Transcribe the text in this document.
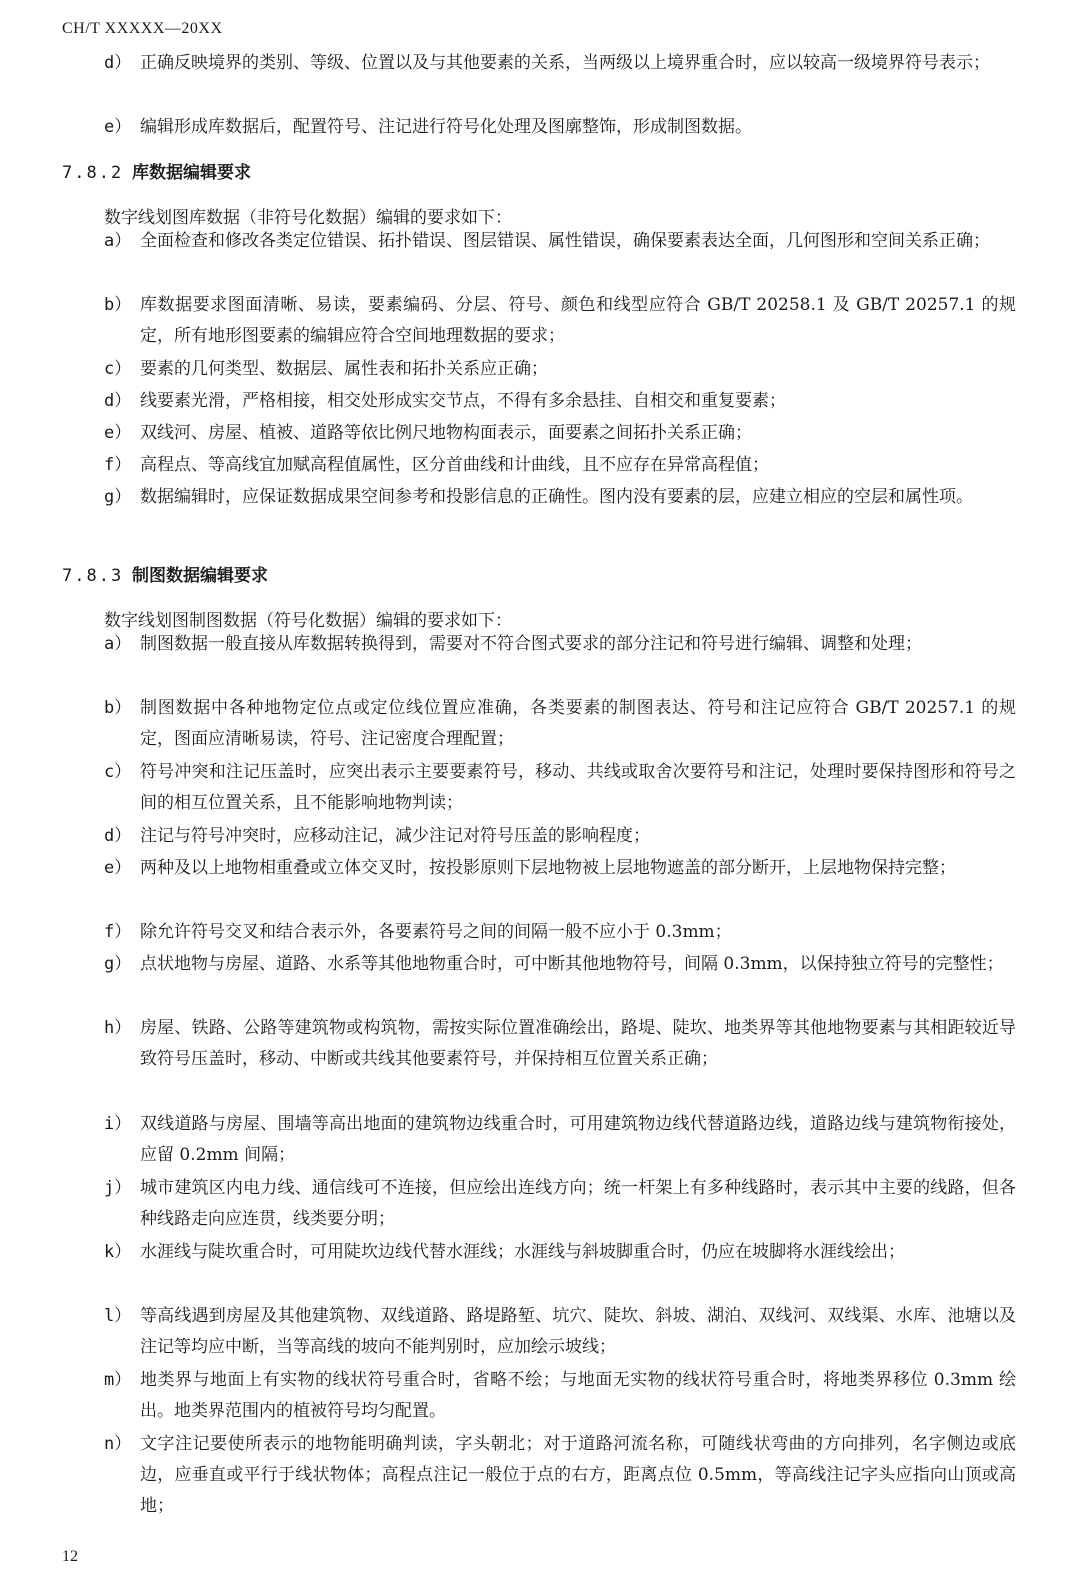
CH/T XXXXX—20XX
d） 正确反映境界的类别、等级、位置以及与其他要素的关系，当两级以上境界重合时，应以较高一级境界符号表示；
e） 编辑形成库数据后，配置符号、注记进行符号化处理及图廓整饰，形成制图数据。
7.8.2 库数据编辑要求
数字线划图库数据（非符号化数据）编辑的要求如下：
a） 全面检查和修改各类定位错误、拓扑错误、图层错误、属性错误，确保要素表达全面，几何图形和空间关系正确；
b） 库数据要求图面清晰、易读，要素编码、分层、符号、颜色和线型应符合 GB/T 20258.1 及 GB/T 20257.1 的规定，所有地形图要素的编辑应符合空间地理数据的要求；
c） 要素的几何类型、数据层、属性表和拓扑关系应正确；
d） 线要素光滑，严格相接，相交处形成实交节点，不得有多余悬挂、自相交和重复要素；
e） 双线河、房屋、植被、道路等依比例尺地物构面表示，面要素之间拓扑关系正确；
f） 高程点、等高线宜加赋高程值属性，区分首曲线和计曲线，且不应存在异常高程值；
g） 数据编辑时，应保证数据成果空间参考和投影信息的正确性。图内没有要素的层，应建立相应的空层和属性项。
7.8.3 制图数据编辑要求
数字线划图制图数据（符号化数据）编辑的要求如下：
a） 制图数据一般直接从库数据转换得到，需要对不符合图式要求的部分注记和符号进行编辑、调整和处理；
b） 制图数据中各种地物定位点或定位线位置应准确，各类要素的制图表达、符号和注记应符合 GB/T 20257.1 的规定，图面应清晰易读，符号、注记密度合理配置；
c） 符号冲突和注记压盖时，应突出表示主要要素符号，移动、共线或取舍次要符号和注记，处理时要保持图形和符号之间的相互位置关系，且不能影响地物判读；
d） 注记与符号冲突时，应移动注记，减少注记对符号压盖的影响程度；
e） 两种及以上地物相重叠或立体交叉时，按投影原则下层地物被上层地物遮盖的部分断开，上层地物保持完整；
f） 除允许符号交叉和结合表示外，各要素符号之间的间隔一般不应小于 0.3mm；
g） 点状地物与房屋、道路、水系等其他地物重合时，可中断其他地物符号，间隔 0.3mm，以保持独立符号的完整性；
h） 房屋、铁路、公路等建筑物或构筑物，需按实际位置准确绘出，路堤、陡坎、地类界等其他地物要素与其相距较近导致符号压盖时，移动、中断或共线其他要素符号，并保持相互位置关系正确；
i） 双线道路与房屋、围墙等高出地面的建筑物边线重合时，可用建筑物边线代替道路边线，道路边线与建筑物衔接处，应留 0.2mm 间隔；
j） 城市建筑区内电力线、通信线可不连接，但应绘出连线方向；统一杆架上有多种线路时，表示其中主要的线路，但各种线路走向应连贯，线类要分明；
k） 水涯线与陡坎重合时，可用陡坎边线代替水涯线；水涯线与斜坡脚重合时，仍应在坡脚将水涯线绘出；
l） 等高线遇到房屋及其他建筑物、双线道路、路堤路堑、坑穴、陡坎、斜坡、湖泊、双线河、双线渠、水库、池塘以及注记等均应中断，当等高线的坡向不能判别时，应加绘示坡线；
m） 地类界与地面上有实物的线状符号重合时，省略不绘；与地面无实物的线状符号重合时，将地类界移位 0.3mm 绘出。地类界范围内的植被符号均匀配置。
n） 文字注记要使所表示的地物能明确判读，字头朝北；对于道路河流名称，可随线状弯曲的方向排列，名字侧边或底边，应垂直或平行于线状物体；高程点注记一般位于点的右方，距离点位 0.5mm，等高线注记字头应指向山顶或高地；
12
